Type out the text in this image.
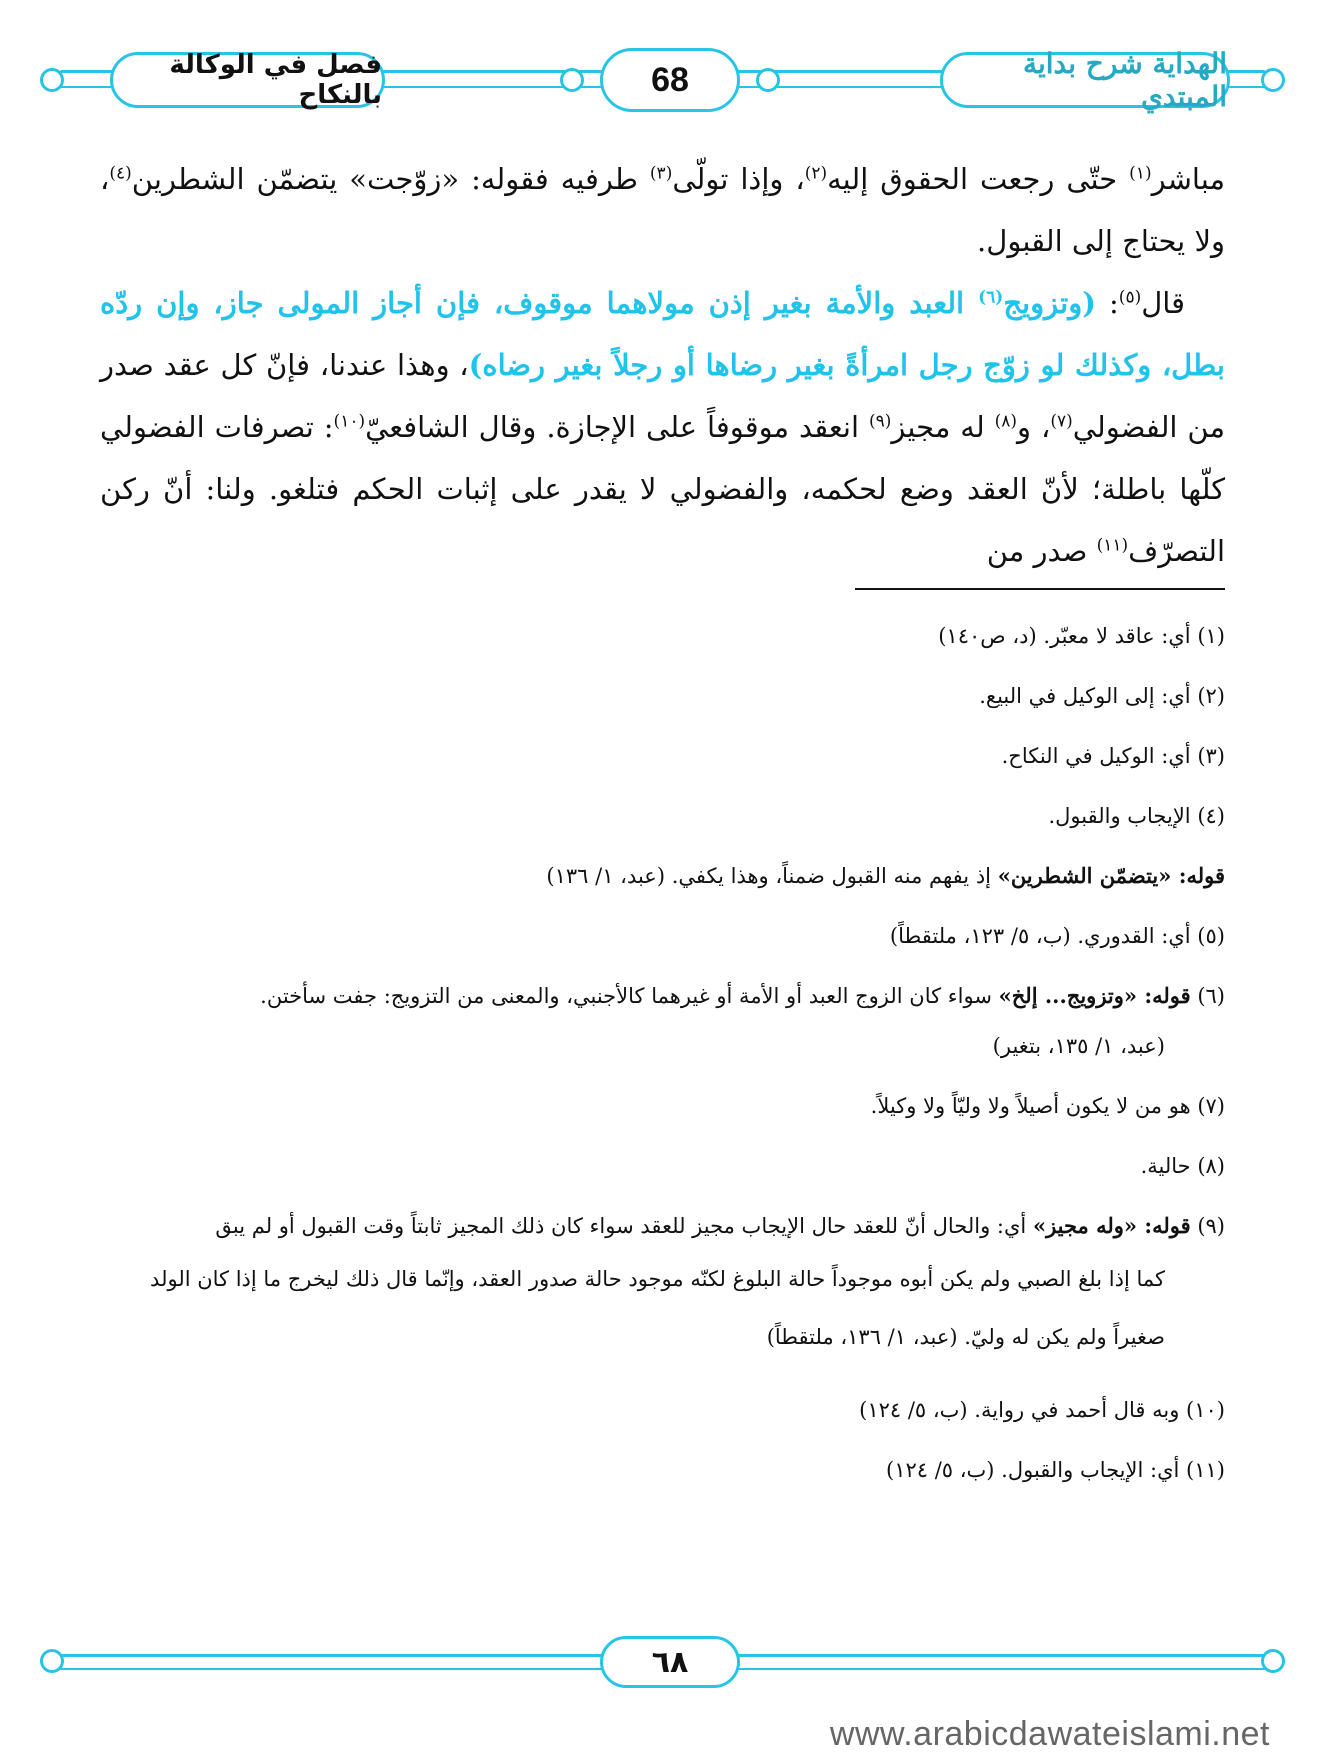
فصل في الوكالة بالنكاح	68	الهداية شرح بداية المبتدي

مباشر$^{(١)}$ حتّى رجعت الحقوق إليه$^{(٢)}$، وإذا تولّى$^{(٣)}$ طرفيه فقوله: «زوّجت» يتضمّن الشطرين$^{(٤)}$، ولا يحتاج إلى القبول.

قال$^{(٥)}$: (وتزويج$^{(٦)}$ العبد والأمة بغير إذن مولاهما موقوف، فإن أجاز المولى جاز، وإن ردّه بطل، وكذلك لو زوّج رجل امرأةً بغير رضاها أو رجلاً بغير رضاه)، وهذا عندنا، فإنّ كل عقد صدر من الفضولي$^{(٧)}$، و$^{(٨)}$ له مجيز$^{(٩)}$ انعقد موقوفاً على الإجازة. وقال الشافعيّ$^{(١٠)}$: تصرفات الفضولي كلّها باطلة؛ لأنّ العقد وضع لحكمه، والفضولي لا يقدر على إثبات الحكم فتلغو. ولنا: أنّ ركن التصرّف$^{(١١)}$ صدر من

(١) أي: عاقد لا معبّر. (د، ص١٤٠)

(٢) أي: إلى الوكيل في البيع.

(٣) أي: الوكيل في النكاح.

(٤) الإيجاب والقبول.

قوله: «يتضمّن الشطرين» إذ يفهم منه القبول ضمناً، وهذا يكفي. (عبد، ١/ ١٣٦)

(٥) أي: القدوري. (ب، ٥/ ١٢٣، ملتقطاً)

(٦) قوله: «وتزويج... إلخ» سواء كان الزوج العبد أو الأمة أو غيرهما كالأجنبي، والمعنى من التزويج: جفت سأختن.

(عبد، ١/ ١٣٥، بتغير)

(٧) هو من لا يكون أصيلاً ولا وليّاً ولا وكيلاً.

(٨) حالية.

(٩) قوله: «وله مجيز» أي: والحال أنّ للعقد حال الإيجاب مجيز للعقد سواء كان ذلك المجيز ثابتاً وقت القبول أو لم يبق

كما إذا بلغ الصبي ولم يكن أبوه موجوداً حالة البلوغ لكنّه موجود حالة صدور العقد، وإنّما قال ذلك ليخرج ما إذا كان الولد صغيراً ولم يكن له وليّ. (عبد، ١/ ١٣٦، ملتقطاً)

(١٠) وبه قال أحمد في رواية. (ب، ٥/ ١٢٤)

(١١) أي: الإيجاب والقبول. (ب، ٥/ ١٢٤)

٦٨
www.arabicdawateislami.net
